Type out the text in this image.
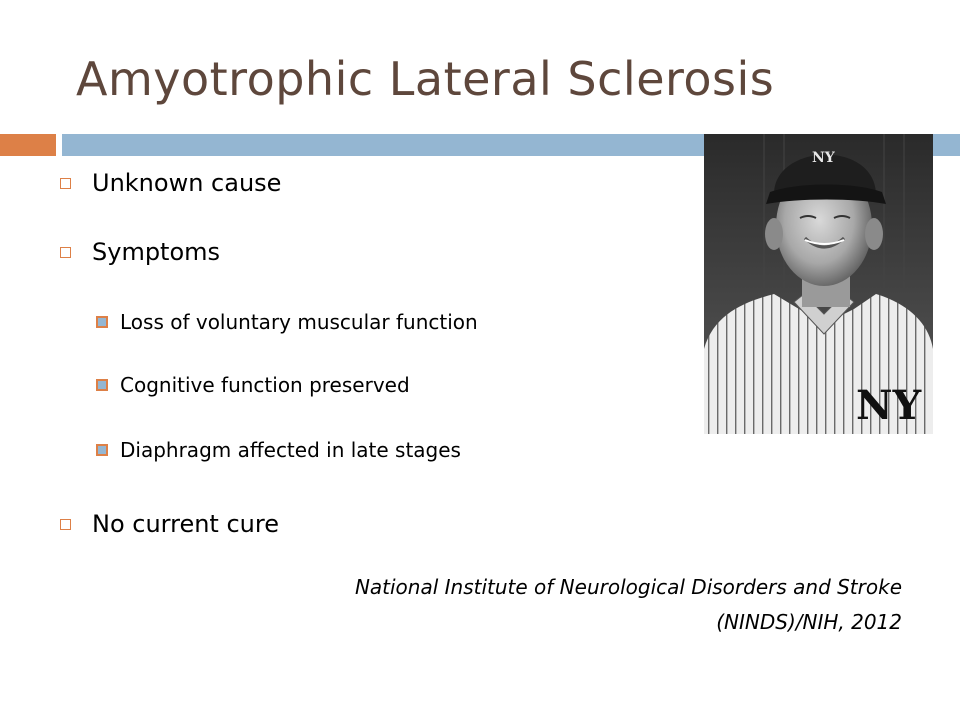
Amyotrophic Lateral Sclerosis
Unknown cause
Symptoms
Loss of voluntary muscular function
Cognitive function preserved
Diaphragm affected in late stages
No current cure
National Institute of Neurological Disorders and Stroke
(NINDS)/NIH, 2012
NY
NY
